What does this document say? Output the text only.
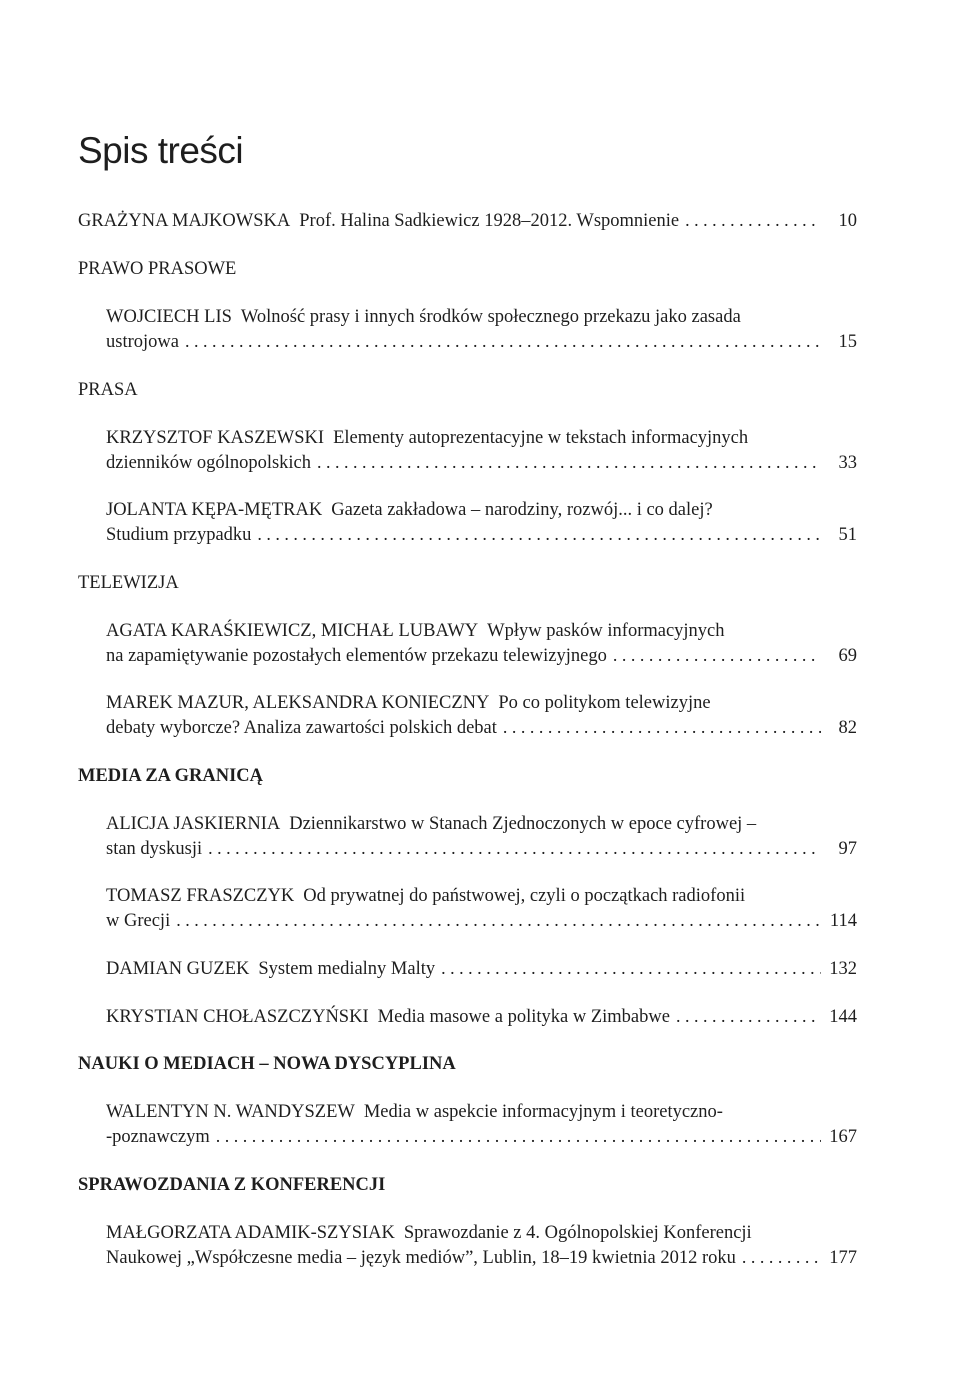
Spis treści
GRAŻYNA MAJKOWSKA Prof. Halina Sadkiewicz 1928–2012. Wspomnienie . . .	10
PRAWO PRASOWE
WOJCIECH LIS Wolność prasy i innych środków społecznego przekazu jako zasada
ustrojowa . . .	15
PRASA
KRZYSZTOF KASZEWSKI Elementy autoprezentacyjne w tekstach informacyjnych
dzienników ogólnopolskich . . .	33
JOLANTA KĘPA-MĘTRAK Gazeta zakładowa – narodziny, rozwój... i co dalej?
Studium przypadku . . .	51
TELEWIZJA
AGATA KARAŚKIEWICZ, MICHAŁ LUBAWY Wpływ pasków informacyjnych
na zapamiętywanie pozostałych elementów przekazu telewizyjnego . . .	69
MAREK MAZUR, ALEKSANDRA KONIECZNY Po co politykom telewizyjne
debaty wyborcze? Analiza zawartości polskich debat . . .	82
MEDIA ZA GRANICĄ
ALICJA JASKIERNIA Dziennikarstwo w Stanach Zjednoczonych w epoce cyfrowej –
stan dyskusji . . .	97
TOMASZ FRASZCZYK Od prywatnej do państwowej, czyli o początkach radiofonii
w Grecji . . .	114
DAMIAN GUZEK System medialny Malty . . .	132
KRYSTIAN CHOŁASZCZYŃSKI Media masowe a polityka w Zimbabwe . . .	144
NAUKI O MEDIACH – NOWA DYSCYPLINA
WALENTYN N. WANDYSZEW Media w aspekcie informacyjnym i teoretyczno-
-poznawczym . . .	167
SPRAWOZDANIA Z KONFERENCJI
MAŁGORZATA ADAMIK-SZYSIAK Sprawozdanie z 4. Ogólnopolskiej Konferencji
Naukowej „Współczesne media – język mediów”, Lublin, 18–19 kwietnia 2012 roku . . .	177
